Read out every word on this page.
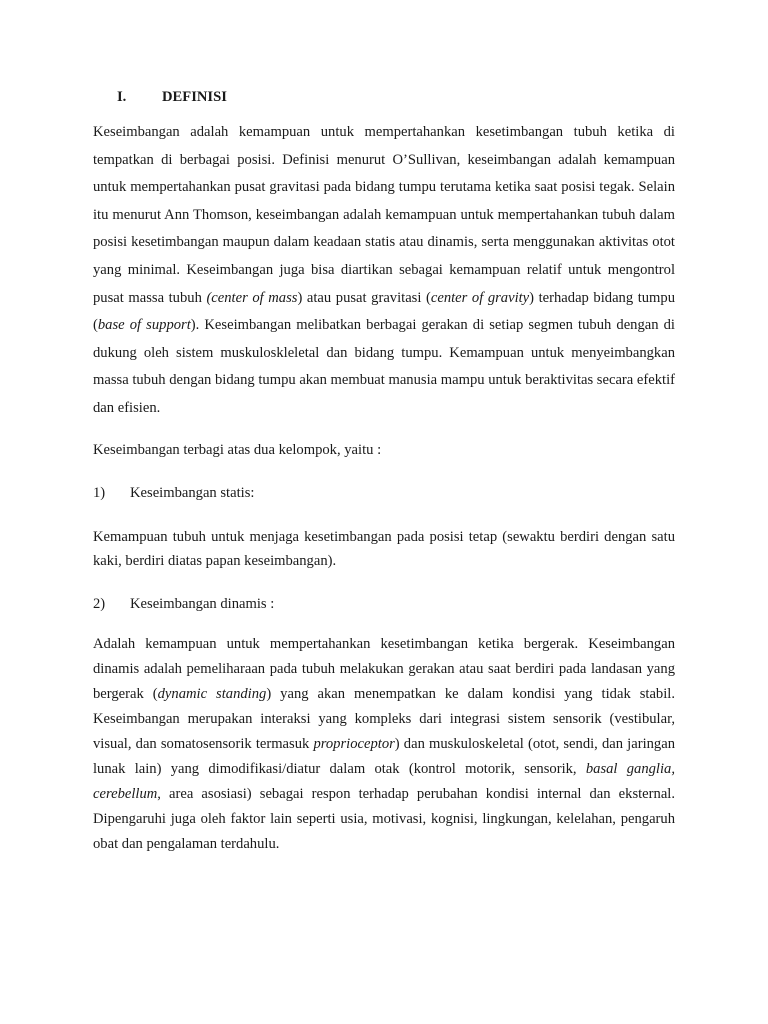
I. DEFINISI

Keseimbangan adalah kemampuan untuk mempertahankan kesetimbangan tubuh ketika di tempatkan di berbagai posisi. Definisi menurut O’Sullivan, keseimbangan adalah kemampuan untuk mempertahankan pusat gravitasi pada bidang tumpu terutama ketika saat posisi tegak. Selain itu menurut Ann Thomson, keseimbangan adalah kemampuan untuk mempertahankan tubuh dalam posisi kesetimbangan maupun dalam keadaan statis atau dinamis, serta menggunakan aktivitas otot yang minimal. Keseimbangan juga bisa diartikan sebagai kemampuan relatif untuk mengontrol pusat massa tubuh (center of mass) atau pusat gravitasi (center of gravity) terhadap bidang tumpu (base of support). Keseimbangan melibatkan berbagai gerakan di setiap segmen tubuh dengan di dukung oleh sistem muskuloskleletal dan bidang tumpu. Kemampuan untuk menyeimbangkan massa tubuh dengan bidang tumpu akan membuat manusia mampu untuk beraktivitas secara efektif dan efisien.

Keseimbangan terbagi atas dua kelompok, yaitu :

1) Keseimbangan statis:

Kemampuan tubuh untuk menjaga kesetimbangan pada posisi tetap (sewaktu berdiri dengan satu kaki, berdiri diatas papan keseimbangan).

2) Keseimbangan dinamis :

Adalah kemampuan untuk mempertahankan kesetimbangan ketika bergerak. Keseimbangan dinamis adalah pemeliharaan pada tubuh melakukan gerakan atau saat berdiri pada landasan yang bergerak (dynamic standing) yang akan menempatkan ke dalam kondisi yang tidak stabil. Keseimbangan merupakan interaksi yang kompleks dari integrasi sistem sensorik (vestibular, visual, dan somatosensorik termasuk proprioceptor) dan muskuloskeletal (otot, sendi, dan jaringan lunak lain) yang dimodifikasi/diatur dalam otak (kontrol motorik, sensorik, basal ganglia, cerebellum, area asosiasi) sebagai respon terhadap perubahan kondisi internal dan eksternal. Dipengaruhi juga oleh faktor lain seperti usia, motivasi, kognisi, lingkungan, kelelahan, pengaruh obat dan pengalaman terdahulu.
